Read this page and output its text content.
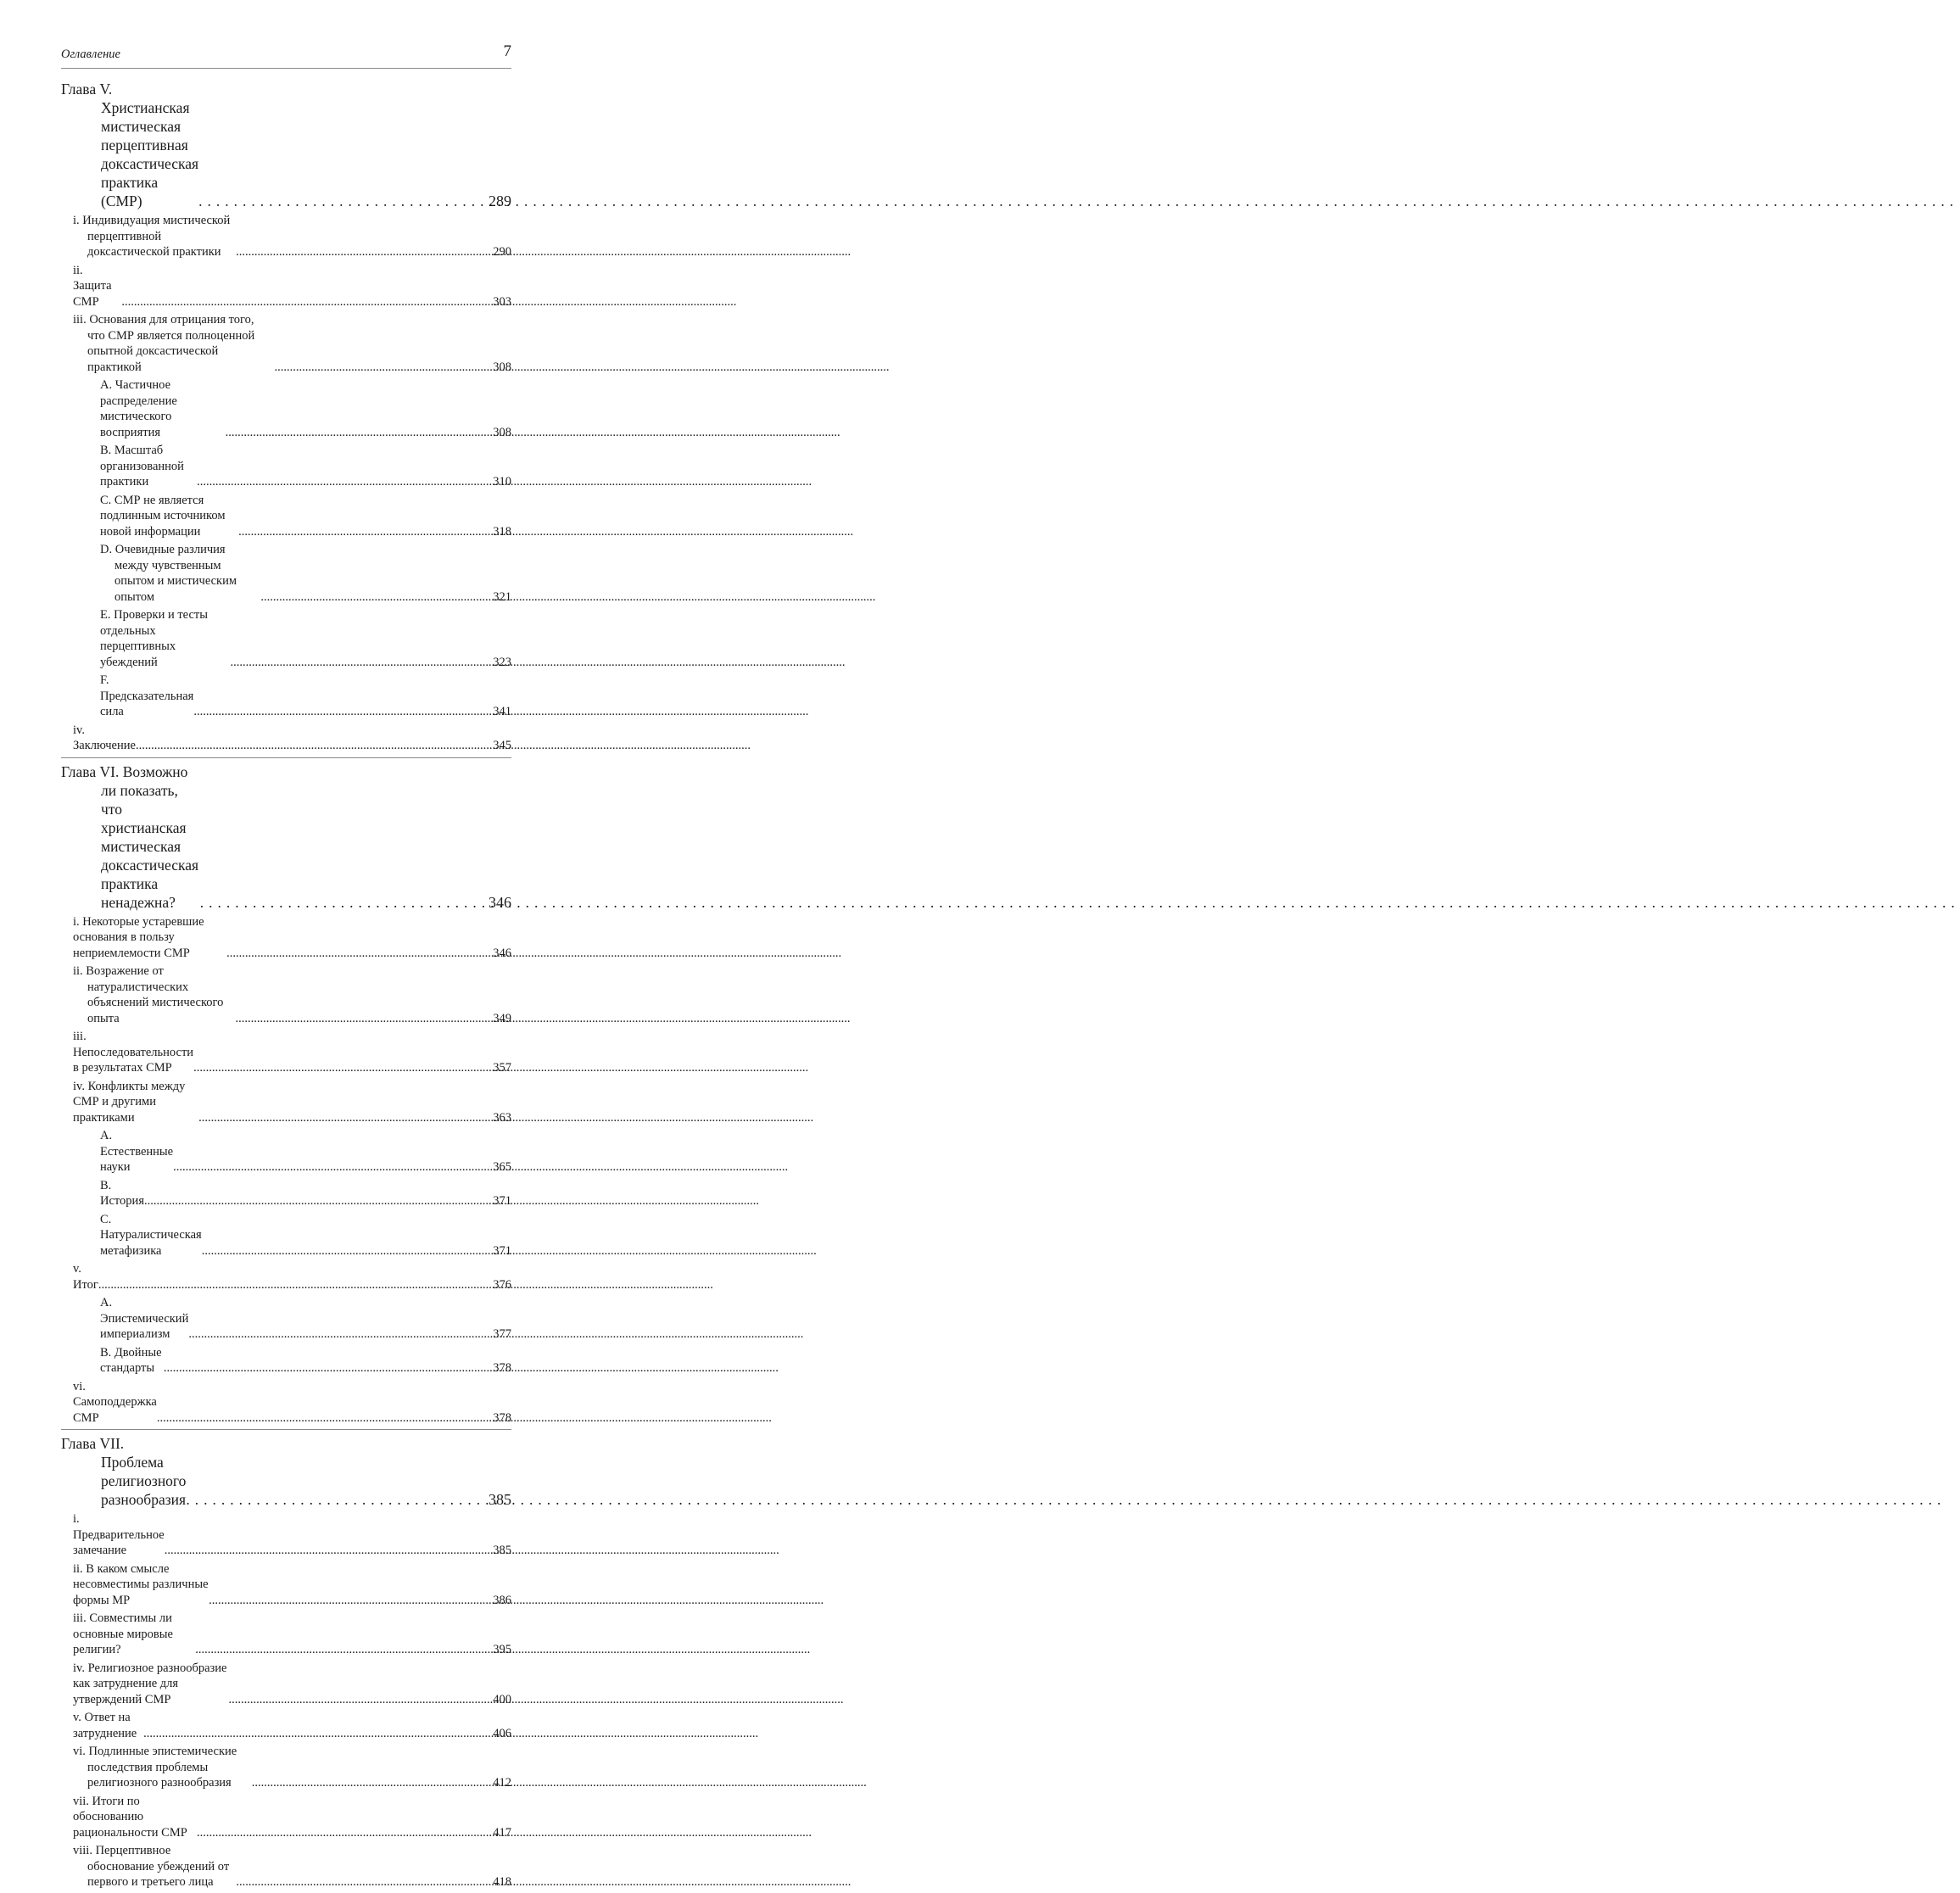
Оглавление	7
Глава V. Христианская мистическая перцептивная доксастическая практика (СМР) .....	289
i. Индивидуация мистической перцептивной доксастической практики .....	290
ii. Защита СМР .....	303
iii. Основания для отрицания того, что СМР является полноценной опытной доксастической практикой .....	308
A. Частичное распределение мистического восприятия .....	308
B. Масштаб организованной практики .....	310
C. СМР не является подлинным источником новой информации .....	318
D. Очевидные различия между чувственным опытом и мистическим опытом .....	321
E. Проверки и тесты отдельных перцептивных убеждений .....	323
F. Предсказательная сила .....	341
iv. Заключение .....	345
Глава VI. Возможно ли показать, что христианская мистическая доксастическая практика ненадежна? .....	346
i. Некоторые устаревшие основания в пользу неприемлемости СМР .....	346
ii. Возражение от натуралистических объяснений мистического опыта .....	349
iii. Непоследовательности в результатах СМР .....	357
iv. Конфликты между СМР и другими практиками .....	363
A. Естественные науки .....	365
B. История .....	371
C. Натуралистическая метафизика .....	371
v. Итог .....	376
A. Эпистемический империализм .....	377
B. Двойные стандарты .....	378
vi. Самоподдержка СМР .....	378
Глава VII. Проблема религиозного разнообразия .....	385
i. Предварительное замечание .....	385
ii. В каком смысле несовместимы различные формы МР .....	386
iii. Совместимы ли основные мировые религии? .....	395
iv. Религиозное разнообразие как затруднение для утверждений СМР .....	400
v. Ответ на затруднение .....	406
vi. Подлинные эпистемические последствия проблемы религиозного разнообразия .....	412
vii. Итоги по обоснованию рациональности СМР .....	417
viii. Перцептивное обоснование убеждений от первого и третьего лица .....	418
